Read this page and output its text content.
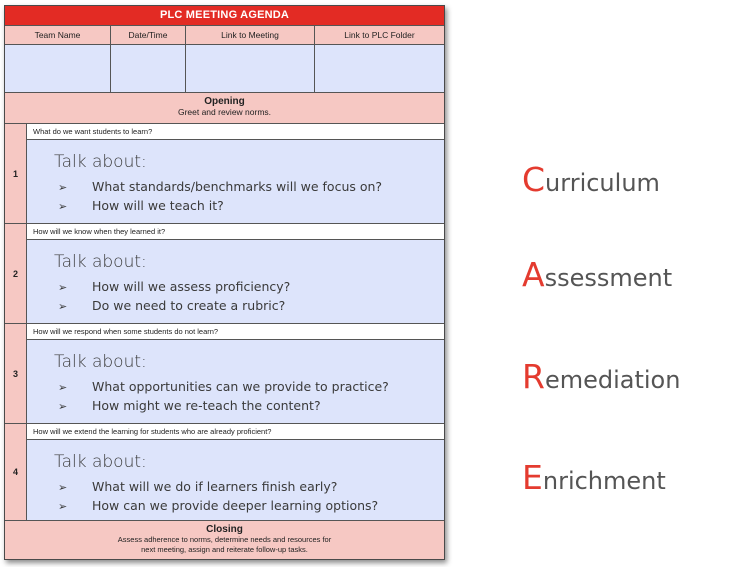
PLC MEETING AGENDA
Team Name	Date/Time	Link to Meeting	Link to PLC Folder
Opening
Greet and review norms.
1
What do we want students to learn?
Talk about:
➢ What standards/benchmarks will we focus on?
➢ How will we teach it?
2
How will we know when they learned it?
Talk about:
➢ How will we assess proficiency?
➢ Do we need to create a rubric?
3
How will we respond when some students do not learn?
Talk about:
➢ What opportunities can we provide to practice?
➢ How might we re-teach the content?
4
How will we extend the learning for students who are already proficient?
Talk about:
➢ What will we do if learners finish early?
➢ How can we provide deeper learning options?
Closing
Assess adherence to norms, determine needs and resources for
next meeting, assign and reiterate follow-up tasks.
Curriculum
Assessment
Remediation
Enrichment
